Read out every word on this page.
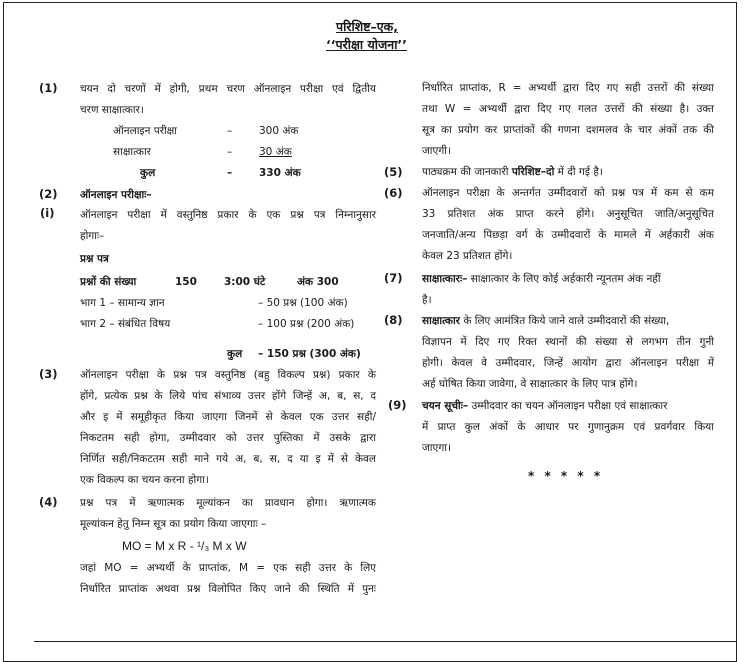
परिशिष्ट–एक,
‘‘परीक्षा योजना’’
(1) चयन दो चरणों में होगी, प्रथम चरण ऑनलाइन परीक्षा एवं द्वितीय
चरण साक्षात्कार।
ऑनलाइन परीक्षा	–	300 अंक
साक्षात्कार	–	30 अंक
कुल	–	330 अंक
(2) ऑनलाइन परीक्षाः–
(i) ऑनलाइन परीक्षा में वस्तुनिष्ठ प्रकार के एक प्रश्न पत्र निम्नानुसार
होगाः–
प्रश्न पत्र
प्रश्नों की संख्या	150	3:00 घंटे	अंक 300
भाग 1 – सामान्य ज्ञान	– 50 प्रश्न (100 अंक)
भाग 2 – संबंधित विषय	– 100 प्रश्न (200 अंक)
कुल – 150 प्रश्न (300 अंक)
(3) ऑनलाइन परीक्षा के प्रश्न पत्र वस्तुनिष्ठ (बहु विकल्प प्रश्न) प्रकार के
होंगे, प्रत्येक प्रश्न के लिये पांच संभाव्य उत्तर होंगे जिन्हें अ, ब, स, द
और इ में समूहीकृत किया जाएगा जिनमें से केवल एक उत्तर सही/
निकटतम सही होगा, उम्मीदवार को उत्तर पुस्तिका में उसके द्वारा
निर्णित सही/निकटतम सही माने गये अ, ब, स, द या इ में से केवल
एक विकल्प का चयन करना होगा।
(4) प्रश्न पत्र में ऋणात्मक मूल्यांकन का प्रावधान होगा। ऋणात्मक
मूल्यांकन हेतु निम्न सूत्र का प्रयोग किया जाएगाः –
MO = M x R - ¹/₃ M x W
जहां MO = अभ्यर्थी के प्राप्तांक, M = एक सही उत्तर के लिए
निर्धारित प्राप्तांक अथवा प्रश्न विलोपित किए जाने की स्थिति में पुनः
निर्धारित प्राप्तांक, R = अभ्यर्थी द्वारा दिए गए सही उत्तरों की संख्या
तथा W = अभ्यर्थी द्वारा दिए गए गलत उत्तरों की संख्या है। उक्त
सूत्र का प्रयोग कर प्राप्तांकों की गणना दशमलव के चार अंकों तक की
जाएगी।
(5) पाठ्यक्रम की जानकारी परिशिष्ट–दो में दी गई है।
(6) ऑनलाइन परीक्षा के अन्तर्गत उम्मीदवारों को प्रश्न पत्र में कम से कम
33 प्रतिशत अंक प्राप्त करने होंगे। अनुसूचित जाति/अनुसूचित
जनजाति/अन्य पिछड़ा वर्ग के उम्मीदवारों के मामले में अर्हकारी अंक
केवल 23 प्रतिशत होंगे।
(7) साक्षात्कारः– साक्षात्कार के लिए कोई अर्हकारी न्यूनतम अंक नहीं
है।
(8) साक्षात्कार के लिए आमंत्रित किये जाने वाले उम्मीदवारों की संख्या,
विज्ञापन में दिए गए रिक्त स्थानों की संख्या से लगभग तीन गुनी
होगी। केवल वे उम्मीदवार, जिन्हें आयोग द्वारा ऑनलाइन परीक्षा में
अर्ह घोषित किया जावेगा, वे साक्षात्कार के लिए पात्र होंगे।
(9) चयन सूचीः– उम्मीदवार का चयन ऑनलाइन परीक्षा एवं साक्षात्कार
में प्राप्त कुल अंकों के आधार पर गुणानुक्रम एवं प्रवर्गवार किया
जाएगा।
* * * * *
